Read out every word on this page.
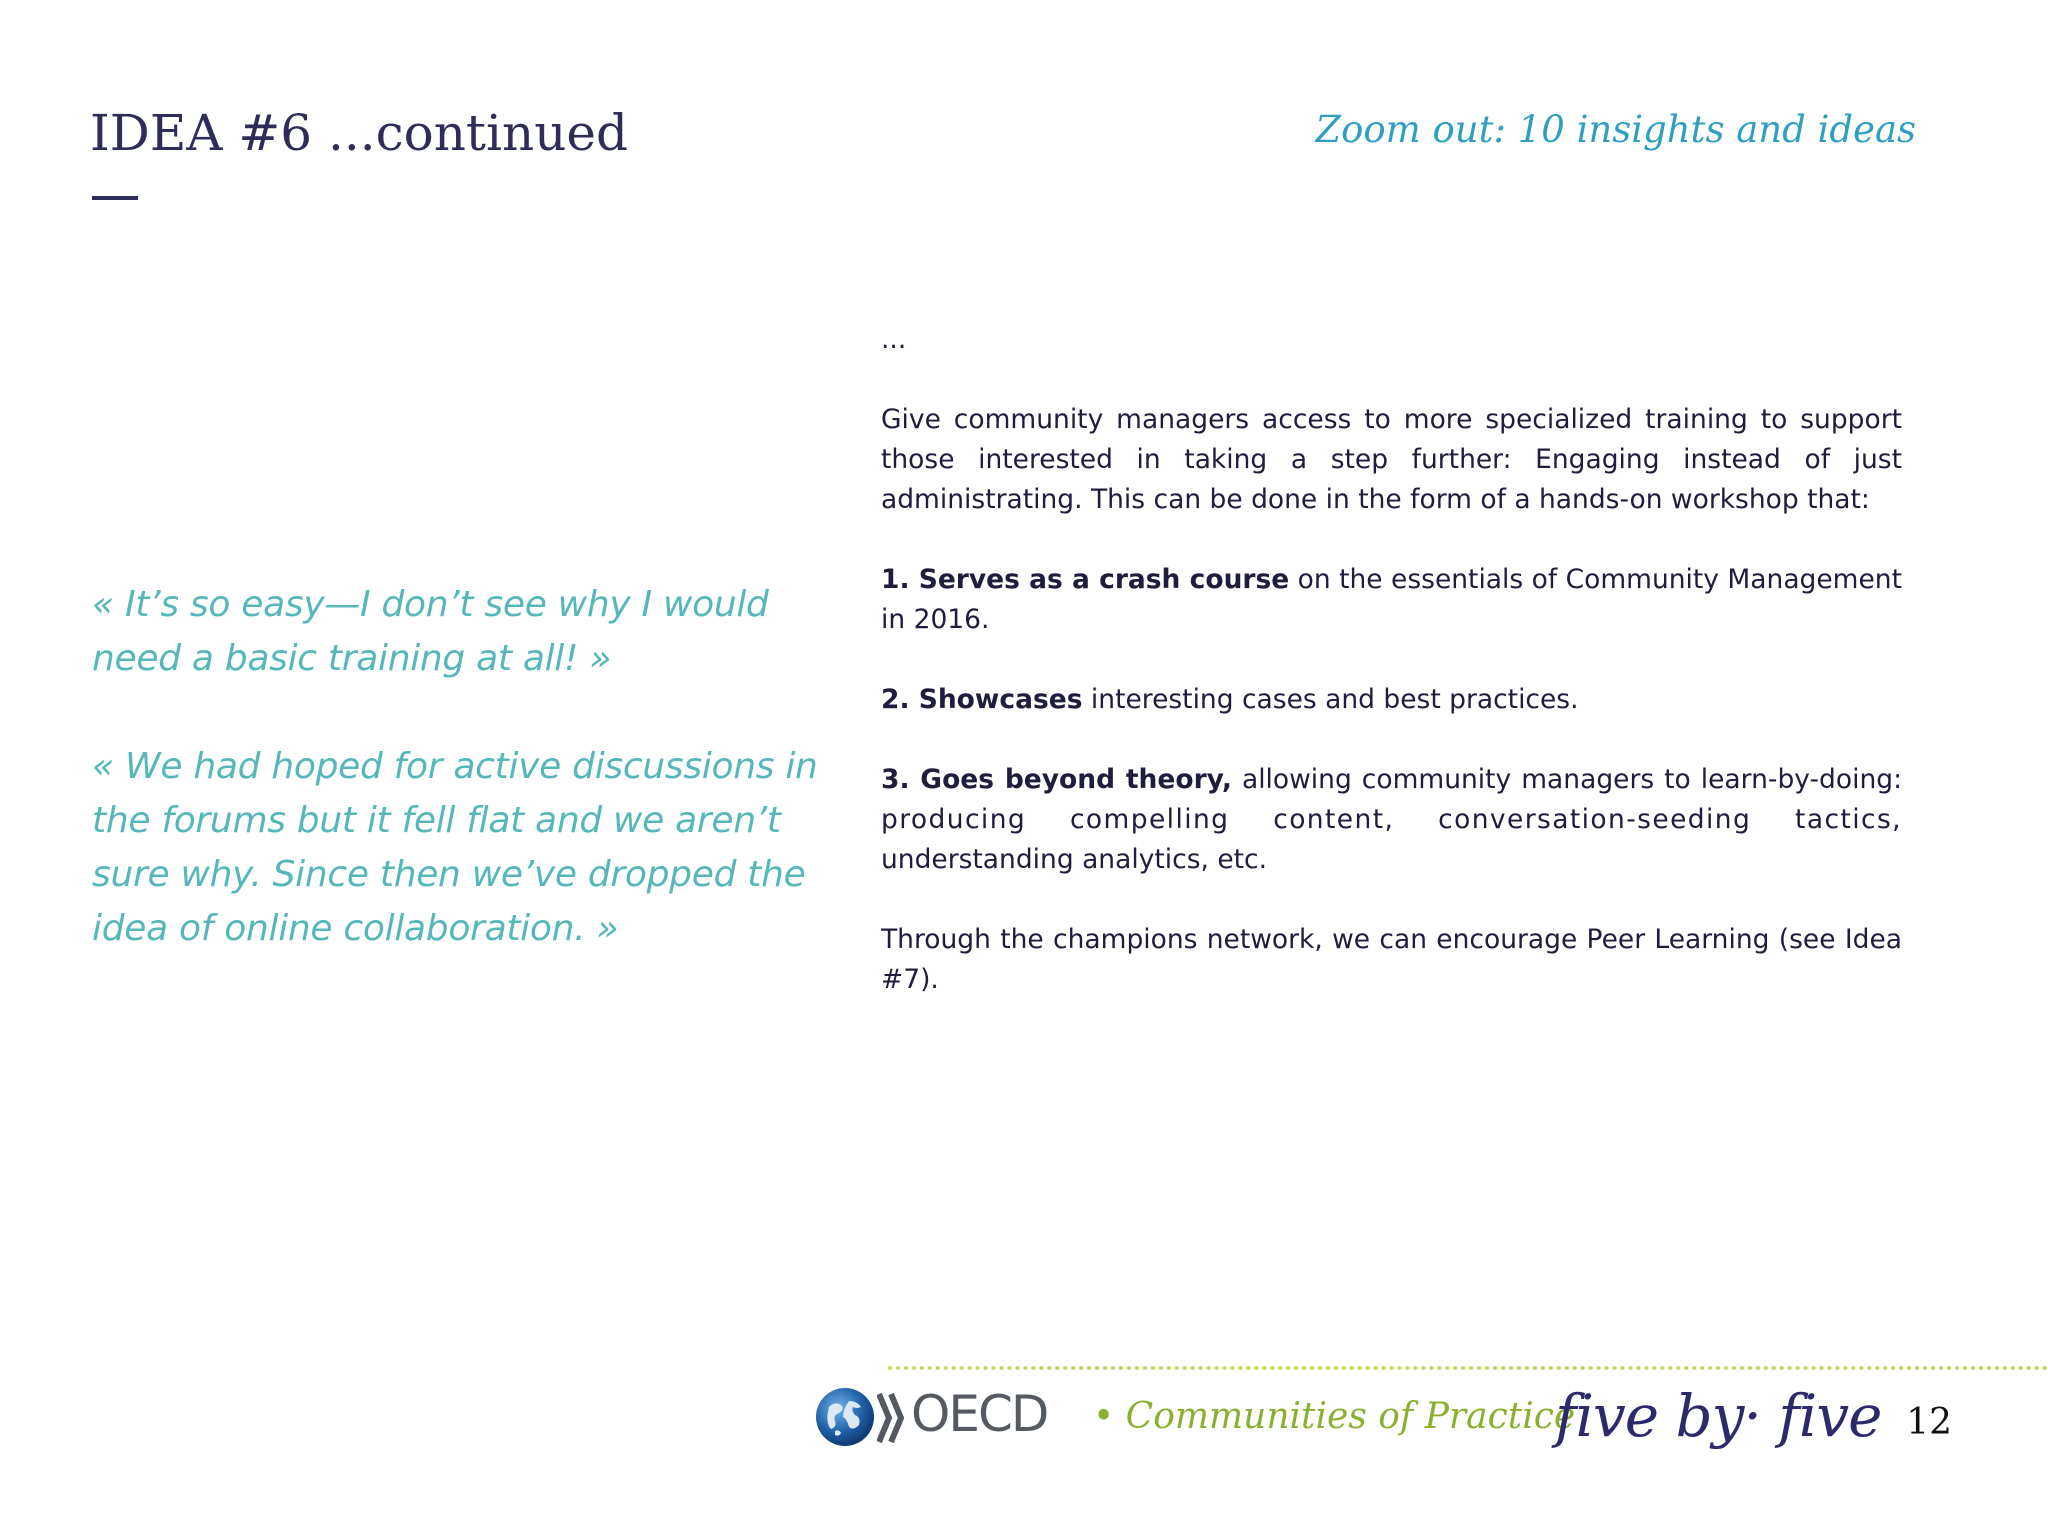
IDEA #6 ...continued	Zoom out: 10 insights and ideas

« It’s so easy—I don’t see why I would need a basic training at all! »

« We had hoped for active discussions in the forums but it fell flat and we aren’t sure why. Since then we’ve dropped the idea of online collaboration. »

...

Give community managers access to more specialized training to support those interested in taking a step further: Engaging instead of just administrating. This can be done in the form of a hands-on workshop that:

1. Serves as a crash course on the essentials of Community Management in 2016.

2. Showcases interesting cases and best practices.

3. Goes beyond theory, allowing community managers to learn-by-doing: producing compelling content, conversation-seeding tactics, understanding analytics, etc.

Through the champions network, we can encourage Peer Learning (see Idea #7).

OECD • Communities of Practice
five by· five 12
